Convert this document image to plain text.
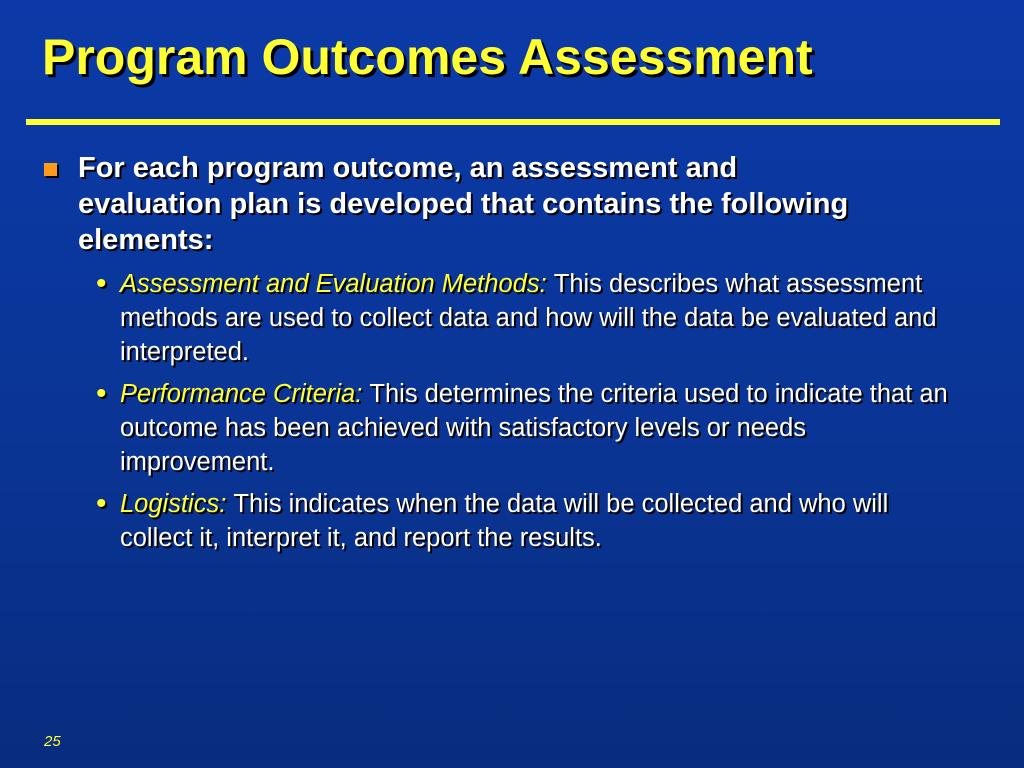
Program Outcomes Assessment
For each program outcome, an assessment and evaluation plan is developed that contains the following elements:
• Assessment and Evaluation Methods: This describes what assessment methods are used to collect data and how will the data be evaluated and interpreted.
• Performance Criteria: This determines the criteria used to indicate that an outcome has been achieved with satisfactory levels or needs improvement.
• Logistics: This indicates when the data will be collected and who will collect it, interpret it, and report the results.
25
